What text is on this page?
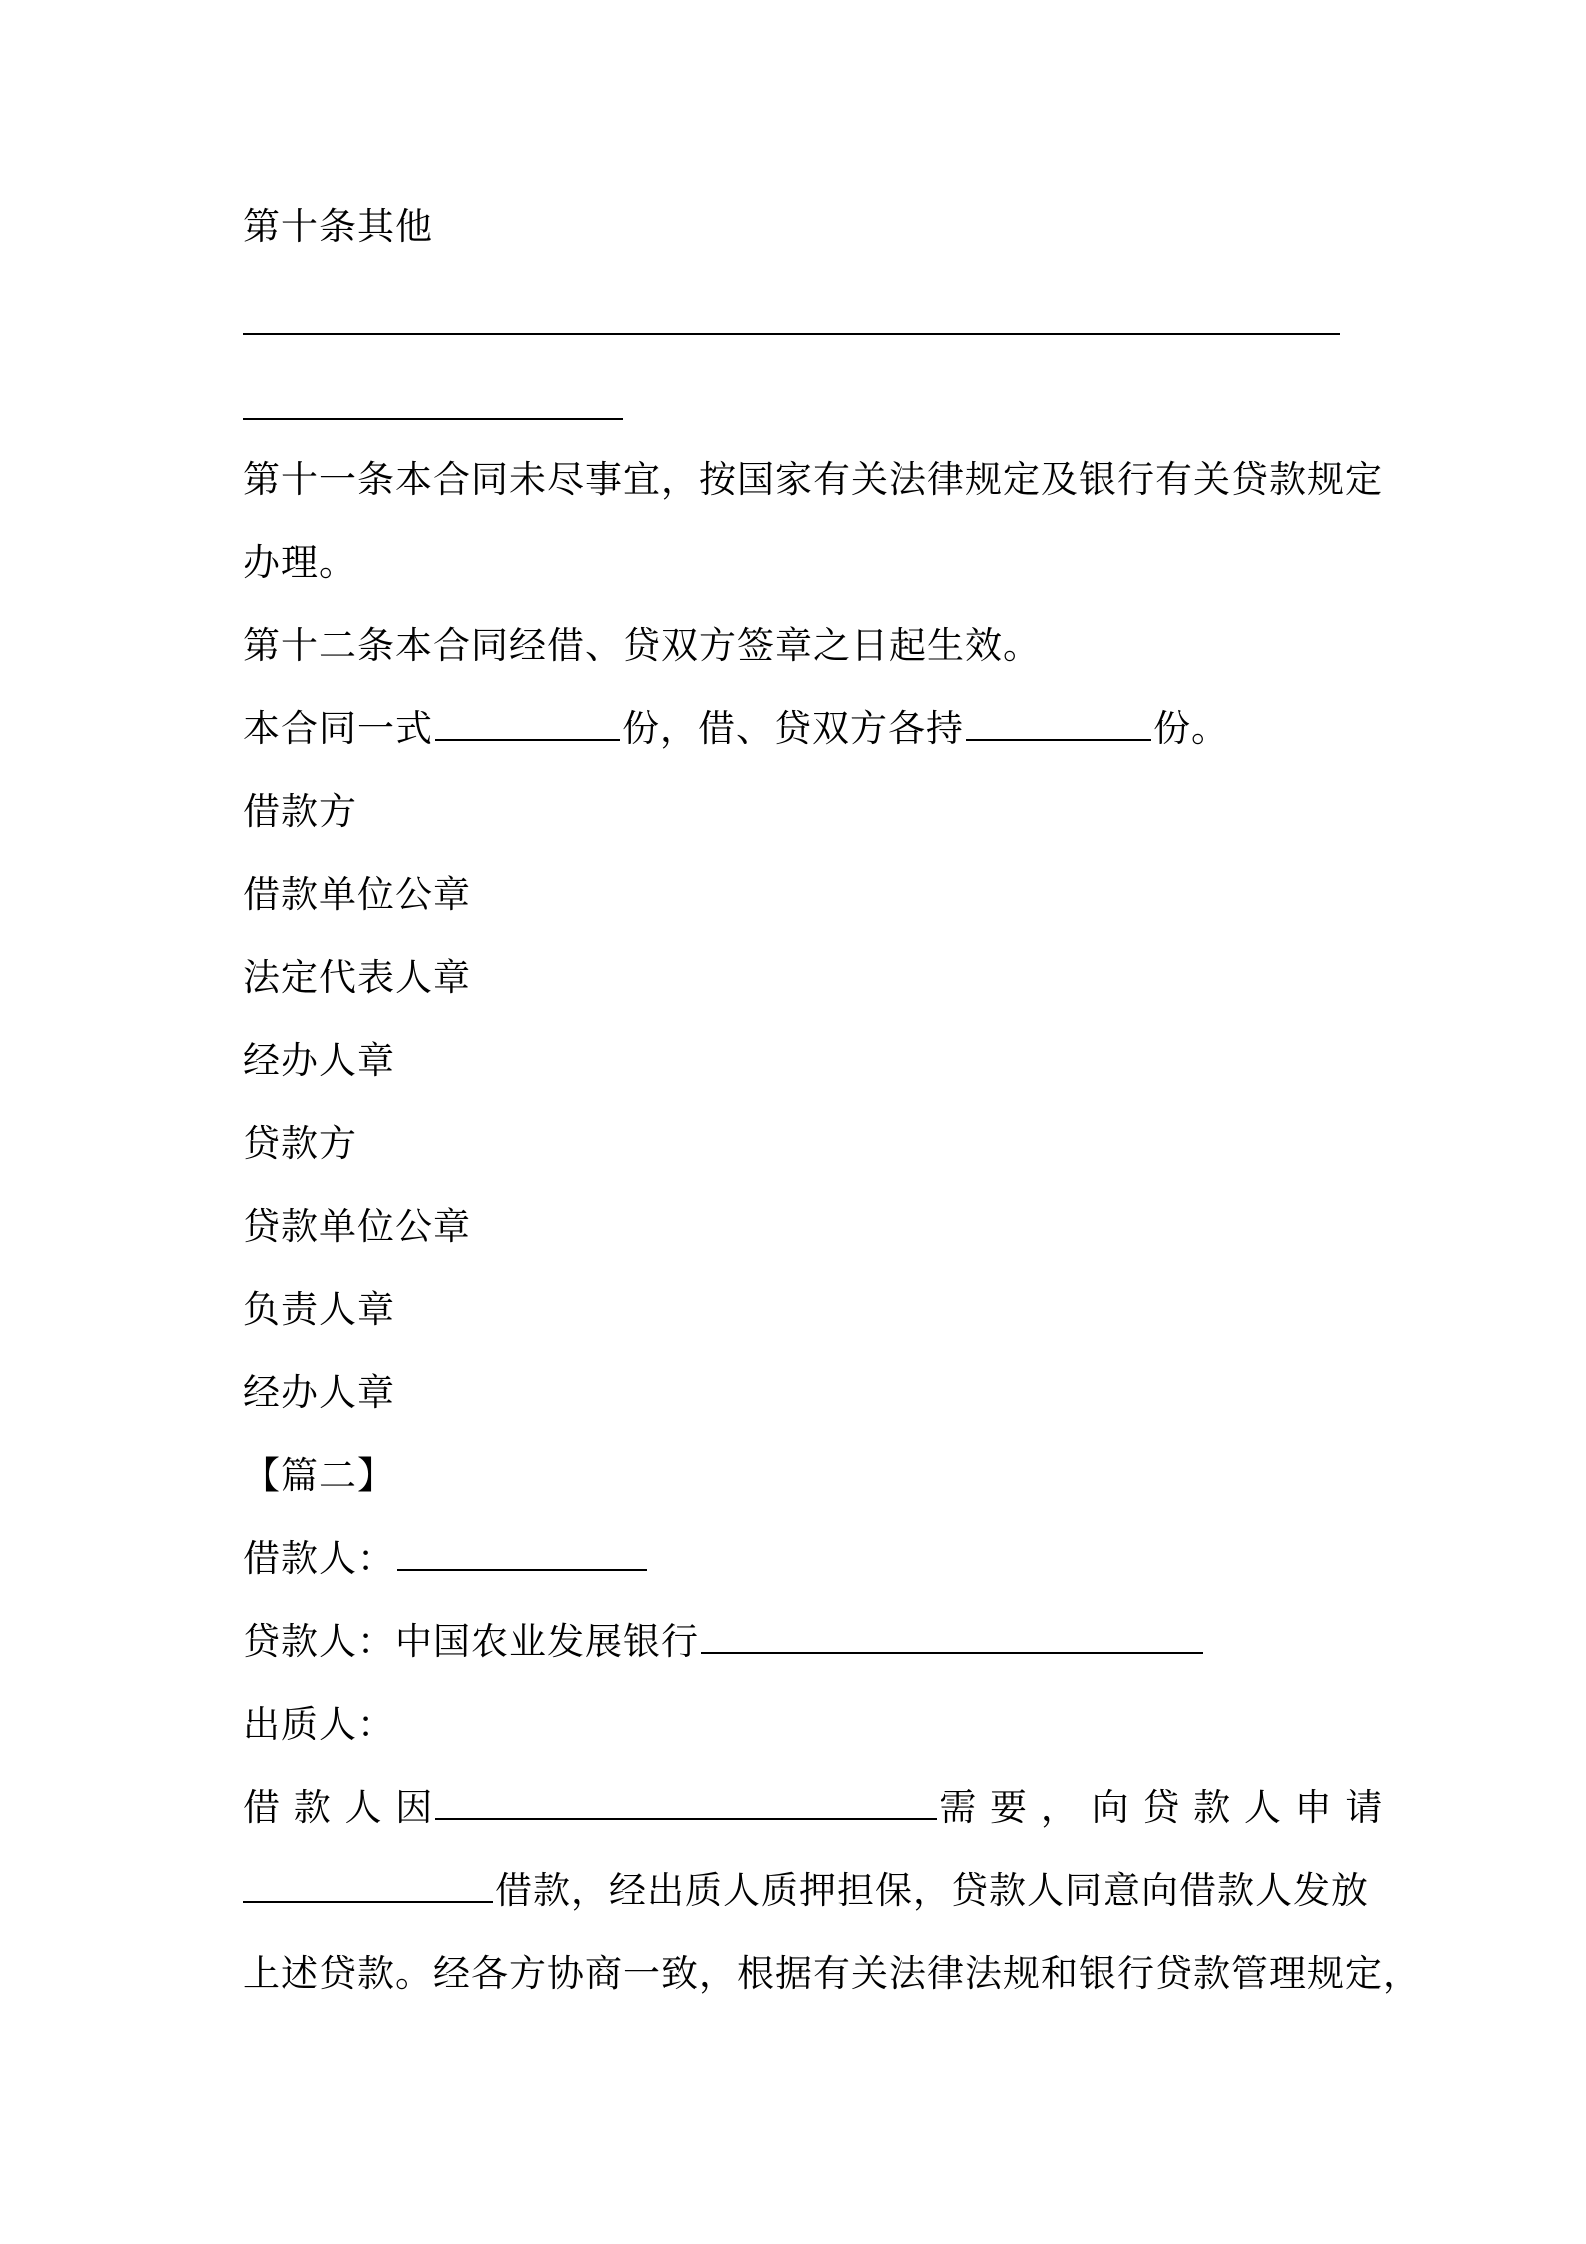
第十条其他
第十一条本合同未尽事宜，按国家有关法律规定及银行有关贷款规定
办理。
第十二条本合同经借、贷双方签章之日起生效。
本合同一式	份，借、贷双方各持	份。
借款方
借款单位公章
法定代表人章
经办人章
贷款方
贷款单位公章
负责人章
经办人章
【篇二】
借款人：
贷款人：中国农业发展银行
出质人：
借 款 人 因	需 要 ， 向 贷 款 人 申 请
借款，经出质人质押担保，贷款人同意向借款人发放
上述贷款。经各方协商一致，根据有关法律法规和银行贷款管理规定，
